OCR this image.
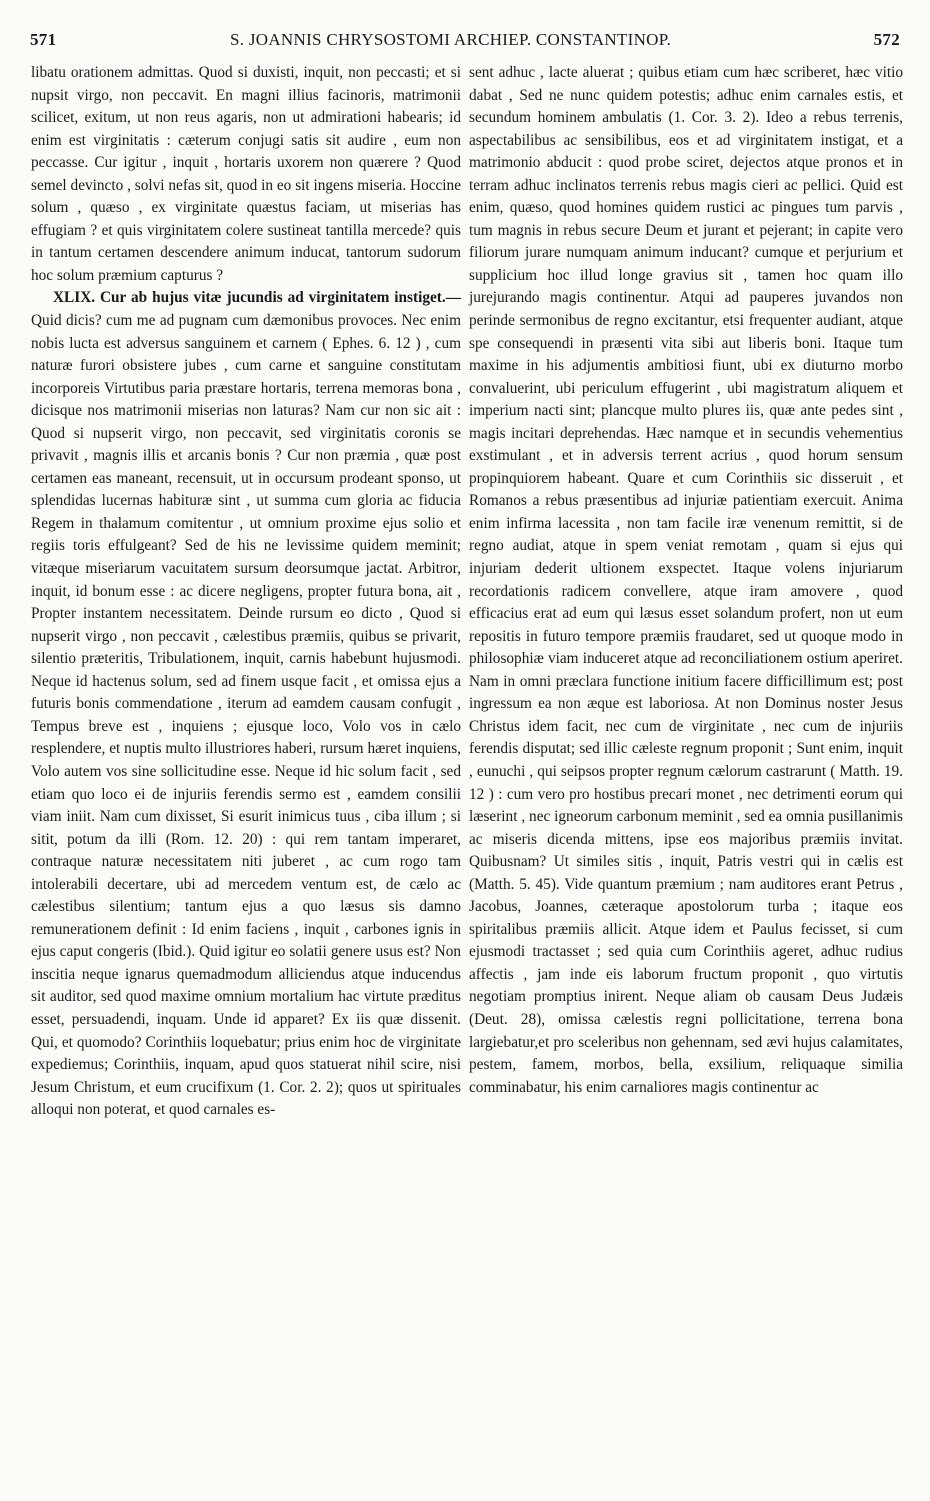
571	S. JOANNIS CHRYSOSTOMI ARCHIEP. CONSTANTINOP.	572

libatu orationem admittas. Quod si duxisti, inquit, non peccasti; et si nupsit virgo, non peccavit. En magni illius facinoris, matrimonii scilicet, exitum, ut non reus agaris, non ut admirationi habearis; id enim est virginitatis : cæterum conjugi satis sit audire , eum non peccasse. Cur igitur , inquit , hortaris uxorem non quærere ? Quod semel devincto , solvi nefas sit, quod in eo sit ingens miseria. Hoccine solum , quæso , ex virginitate quæstus faciam, ut miserias has effugiam ? et quis virginitatem colere sustineat tantilla mercede? quis in tantum certamen descendere animum inducat, tantorum sudorum hoc solum præmium capturus ?

XLIX. Cur ab hujus vitæ jucundis ad virginitatem instiget.— Quid dicis? cum me ad pugnam cum dæmonibus provoces. Nec enim nobis lucta est adversus sanguinem et carnem ( Ephes. 6. 12 ) , cum naturæ furori obsistere jubes , cum carne et sanguine constitutam incorporeis Virtutibus paria præstare hortaris, terrena memoras bona , dicisque nos matrimonii miserias non laturas? Nam cur non sic ait : Quod si nupserit virgo, non peccavit, sed virginitatis coronis se privavit , magnis illis et arcanis bonis ? Cur non præmia , quæ post certamen eas maneant, recensuit, ut in occursum prodeant sponso, ut splendidas lucernas habituræ sint , ut summa cum gloria ac fiducia Regem in thalamum comitentur , ut omnium proxime ejus solio et regiis toris effulgeant? Sed de his ne levissime quidem meminit; vitæque miseriarum vacuitatem sursum deorsumque jactat. Arbitror, inquit, id bonum esse : ac dicere negligens, propter futura bona, ait , Propter instantem necessitatem. Deinde rursum eo dicto , Quod si nupserit virgo , non peccavit , cælestibus præmiis, quibus se privarit, silentio præteritis, Tribulationem, inquit, carnis habebunt hujusmodi. Neque id hactenus solum, sed ad finem usque facit , et omissa ejus a futuris bonis commendatione , iterum ad eamdem causam confugit , Tempus breve est , inquiens ; ejusque loco, Volo vos in cælo resplendere, et nuptis multo illustriores haberi, rursum hæret inquiens, Volo autem vos sine sollicitudine esse. Neque id hic solum facit , sed etiam quo loco ei de injuriis ferendis sermo est , eamdem consilii viam iniit. Nam cum dixisset, Si esurit inimicus tuus , ciba illum ; si sitit, potum da illi (Rom. 12. 20) : qui rem tantam imperaret, contraque naturæ necessitatem niti juberet , ac cum rogo tam intolerabili decertare, ubi ad mercedem ventum est, de cælo ac cælestibus silentium; tantum ejus a quo læsus sis damno remunerationem definit : Id enim faciens , inquit , carbones ignis in ejus caput congeris (Ibid.). Quid igitur eo solatii genere usus est? Non inscitia neque ignarus quemadmodum alliciendus atque inducendus sit auditor, sed quod maxime omnium mortalium hac virtute præditus esset, persuadendi, inquam. Unde id apparet? Ex iis quæ dissenit. Qui, et quomodo? Corinthiis loquebatur; prius enim hoc de virginitate expediemus; Corinthiis, inquam, apud quos statuerat nihil scire, nisi Jesum Christum, et eum crucifixum (1. Cor. 2. 2); quos ut spirituales alloqui non poterat, et quod carnales es-

sent adhuc , lacte aluerat ; quibus etiam cum hæc scriberet, hæc vitio dabat , Sed ne nunc quidem potestis; adhuc enim carnales estis, et secundum hominem ambulatis (1. Cor. 3. 2). Ideo a rebus terrenis, aspectabilibus ac sensibilibus, eos et ad virginitatem instigat, et a matrimonio abducit : quod probe sciret, dejectos atque pronos et in terram adhuc inclinatos terrenis rebus magis cieri ac pellici. Quid est enim, quæso, quod homines quidem rustici ac pingues tum parvis , tum magnis in rebus secure Deum et jurant et pejerant; in capite vero filiorum jurare numquam animum inducant? cumque et perjurium et supplicium hoc illud longe gravius sit , tamen hoc quam illo jurejurando magis continentur. Atqui ad pauperes juvandos non perinde sermonibus de regno excitantur, etsi frequenter audiant, atque spe consequendi in præsenti vita sibi aut liberis boni. Itaque tum maxime in his adjumentis ambitiosi fiunt, ubi ex diuturno morbo convaluerint, ubi periculum effugerint , ubi magistratum aliquem et imperium nacti sint; plancque multo plures iis, quæ ante pedes sint , magis incitari deprehendas. Hæc namque et in secundis vehementius exstimulant , et in adversis terrent acrius , quod horum sensum propinquiorem habeant. Quare et cum Corinthiis sic disseruit , et Romanos a rebus præsentibus ad injuriæ patientiam exercuit. Anima enim infirma lacessita , non tam facile iræ venenum remittit, si de regno audiat, atque in spem veniat remotam , quam si ejus qui injuriam dederit ultionem exspectet. Itaque volens injuriarum recordationis radicem convellere, atque iram amovere , quod efficacius erat ad eum qui læsus esset solandum profert, non ut eum repositis in futuro tempore præmiis fraudaret, sed ut quoque modo in philosophiæ viam induceret atque ad reconciliationem ostium aperiret. Nam in omni præclara functione initium facere difficillimum est; post ingressum ea non æque est laboriosa. At non Dominus noster Jesus Christus idem facit, nec cum de virginitate , nec cum de injuriis ferendis disputat; sed illic cæleste regnum proponit ; Sunt enim, inquit , eunuchi , qui seipsos propter regnum cælorum castrarunt ( Matth. 19. 12 ) : cum vero pro hostibus precari monet , nec detrimenti eorum qui læserint , nec igneorum carbonum meminit , sed ea omnia pusillanimis ac miseris dicenda mittens, ipse eos majoribus præmiis invitat. Quibusnam? Ut similes sitis , inquit, Patris vestri qui in cælis est (Matth. 5. 45). Vide quantum præmium ; nam auditores erant Petrus , Jacobus, Joannes, cæteraque apostolorum turba ; itaque eos spiritalibus præmiis allicit. Atque idem et Paulus fecisset, si cum ejusmodi tractasset ; sed quia cum Corinthiis ageret, adhuc rudius affectis , jam inde eis laborum fructum proponit , quo virtutis negotiam promptius inirent. Neque aliam ob causam Deus Judæis (Deut. 28), omissa cælestis regni pollicitatione, terrena bona largiebatur,et pro sceleribus non gehennam, sed ævi hujus calamitates, pestem, famem, morbos, bella, exsilium, reliquaque similia comminabatur, his enim carnaliores magis continentur ac
